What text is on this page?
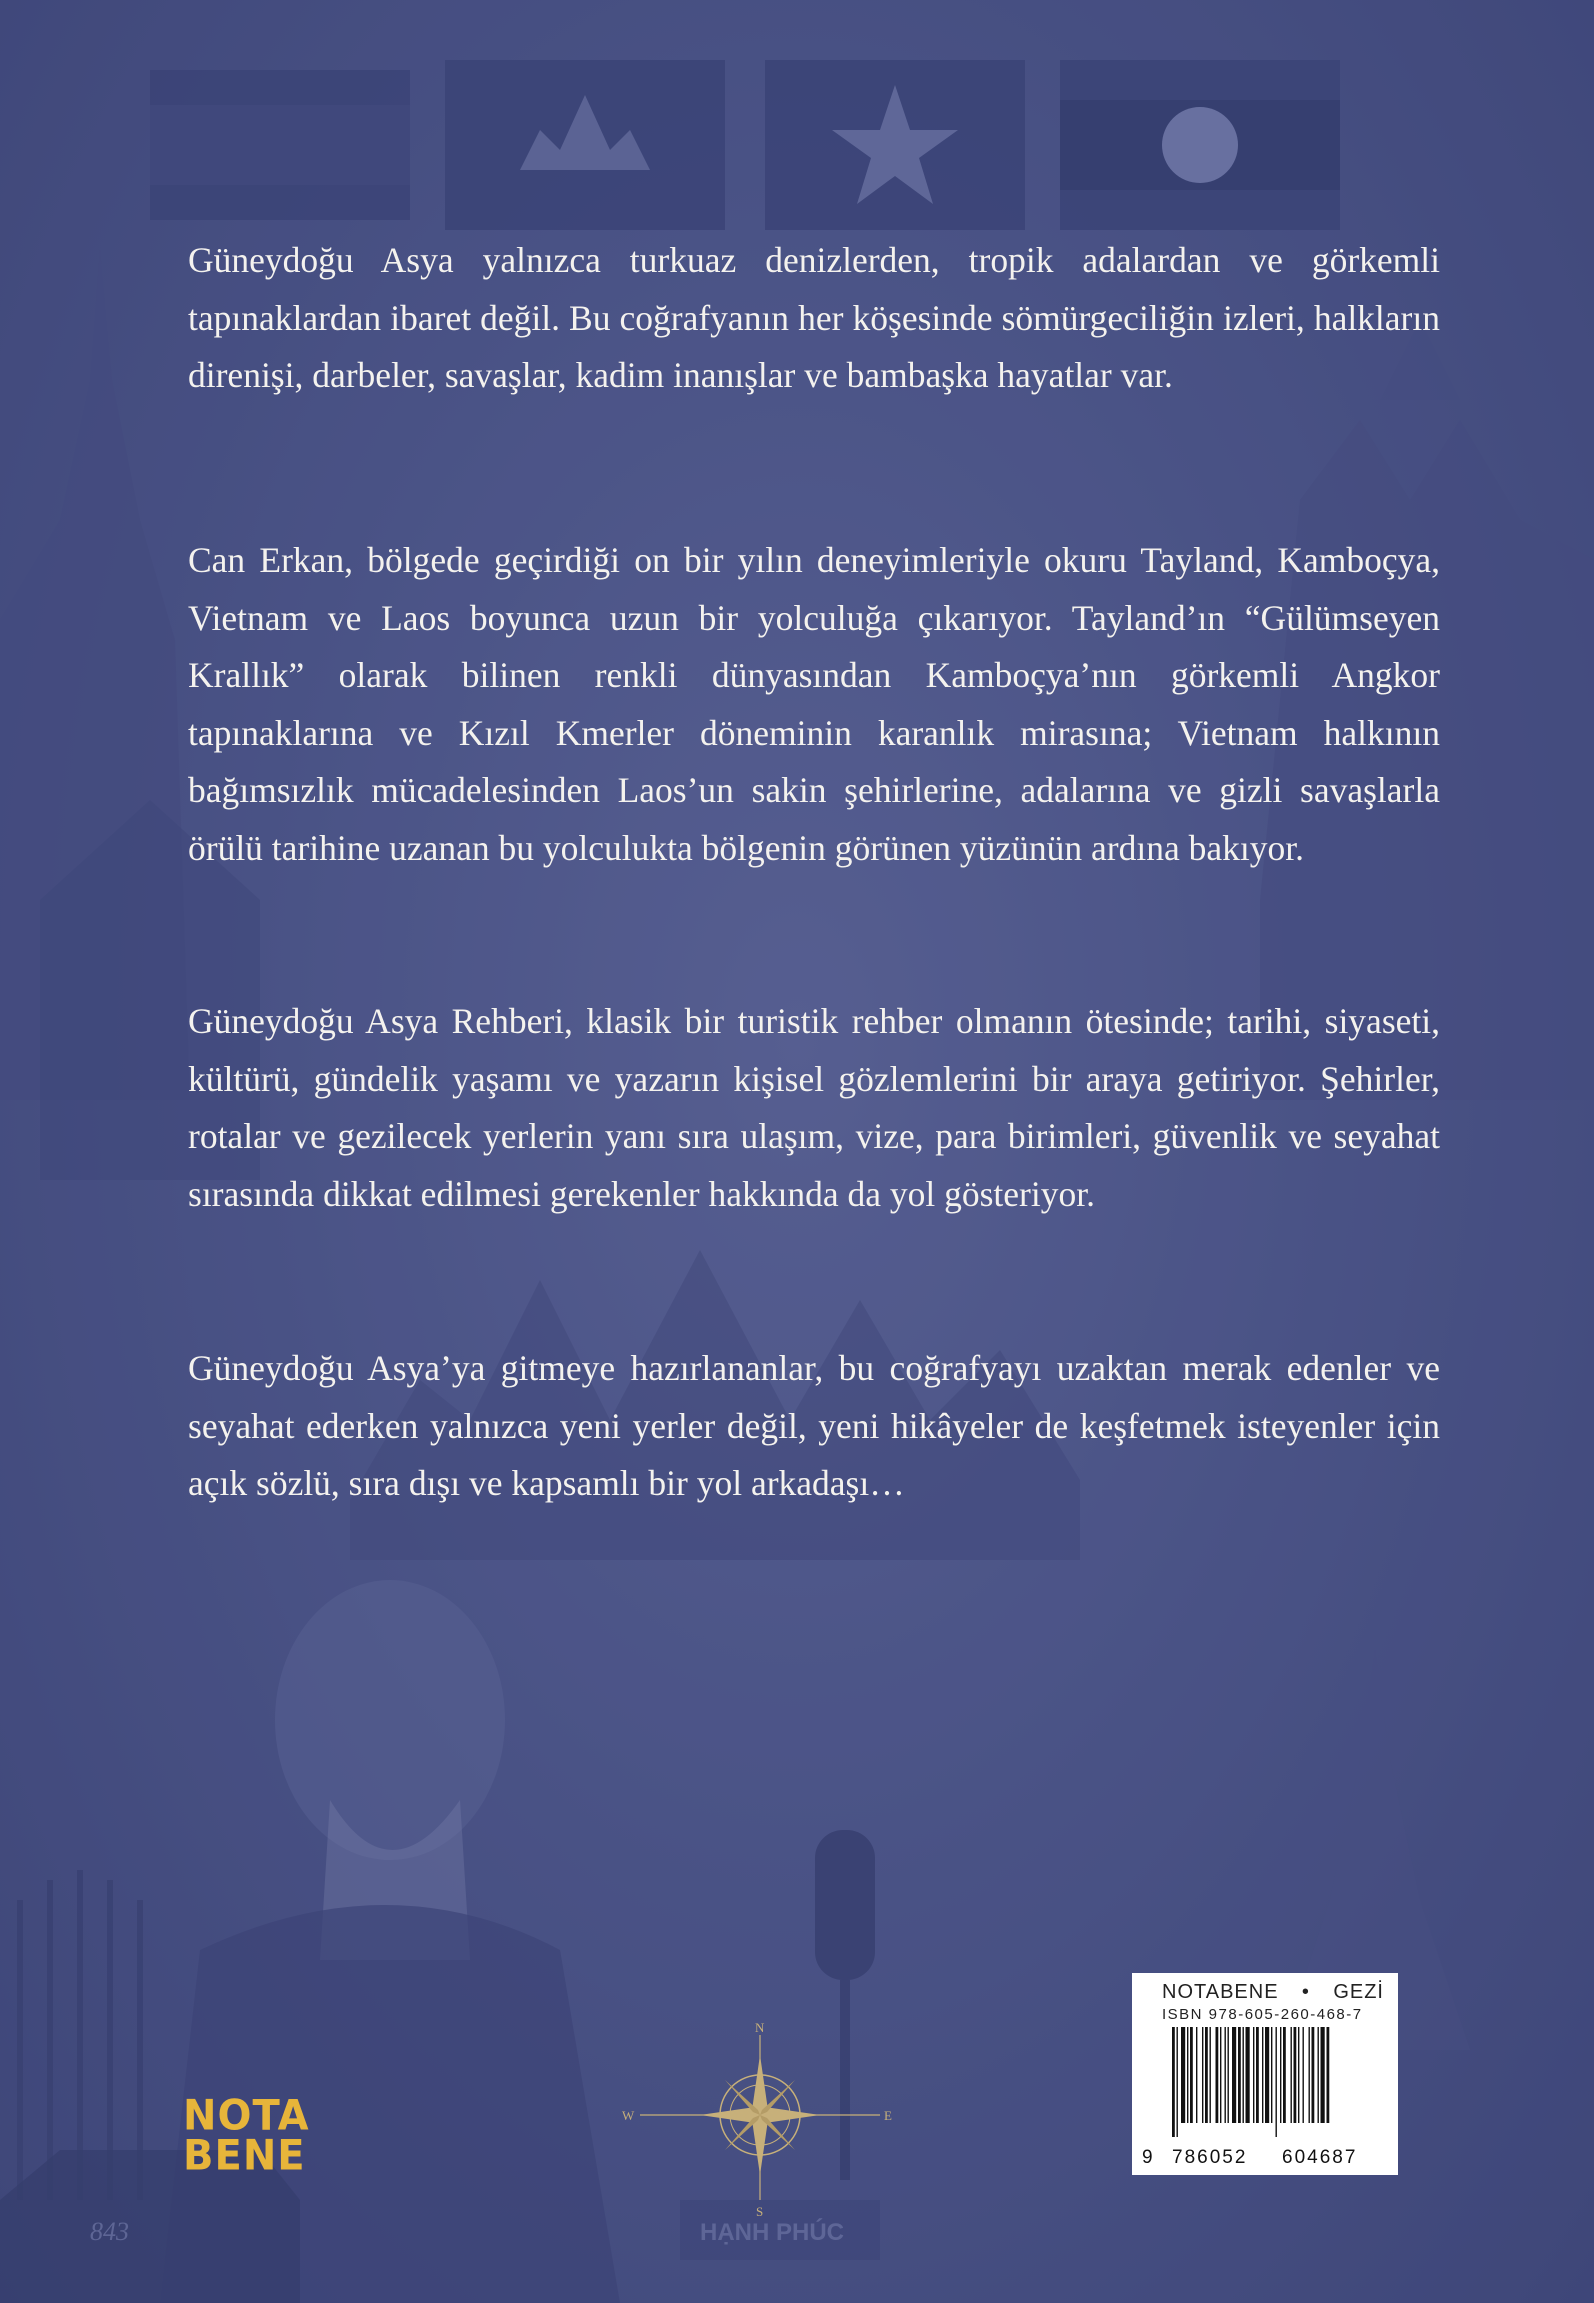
843	HẠNH PHÚC

Güneydoğu Asya yalnızca turkuaz denizlerden, tropik adalardan ve görkemli tapınaklardan ibaret değil. Bu coğrafyanın her köşesinde sömürgeciliğin izleri, halkların direnişi, darbeler, savaşlar, kadim inanışlar ve bambaşka hayatlar var.

Can Erkan, bölgede geçirdiği on bir yılın deneyimleriyle okuru Tayland, Kamboçya, Vietnam ve Laos boyunca uzun bir yolculuğa çıkarıyor. Tayland’ın “Gülümseyen Krallık” olarak bilinen renkli dünyasından Kamboçya’nın görkemli Angkor tapınaklarına ve Kızıl Kmerler döneminin karanlık mirasına; Vietnam halkının bağımsızlık mücadelesinden Laos’un sakin şehirlerine, adalarına ve gizli savaşlarla örülü tarihine uzanan bu yolculukta bölgenin görünen yüzünün ardına bakıyor.

Güneydoğu Asya Rehberi, klasik bir turistik rehber olmanın ötesinde; tarihi, siyaseti, kültürü, gündelik yaşamı ve yazarın kişisel gözlemlerini bir araya getiriyor. Şehirler, rotalar ve gezilecek yerlerin yanı sıra ulaşım, vize, para birimleri, güvenlik ve seyahat sırasında dikkat edilmesi gerekenler hakkında da yol gösteriyor.

Güneydoğu Asya’ya gitmeye hazırlananlar, bu coğrafyayı uzaktan merak edenler ve seyahat ederken yalnızca yeni yerler değil, yeni hikâyeler de keşfetmek isteyenler için açık sözlü, sıra dışı ve kapsamlı bir yol arkadaşı…

NOTA
BENE
N
S
E
W
NOTABENE • GEZİ
ISBN 978-605-260-468-7
9 786052 604687
